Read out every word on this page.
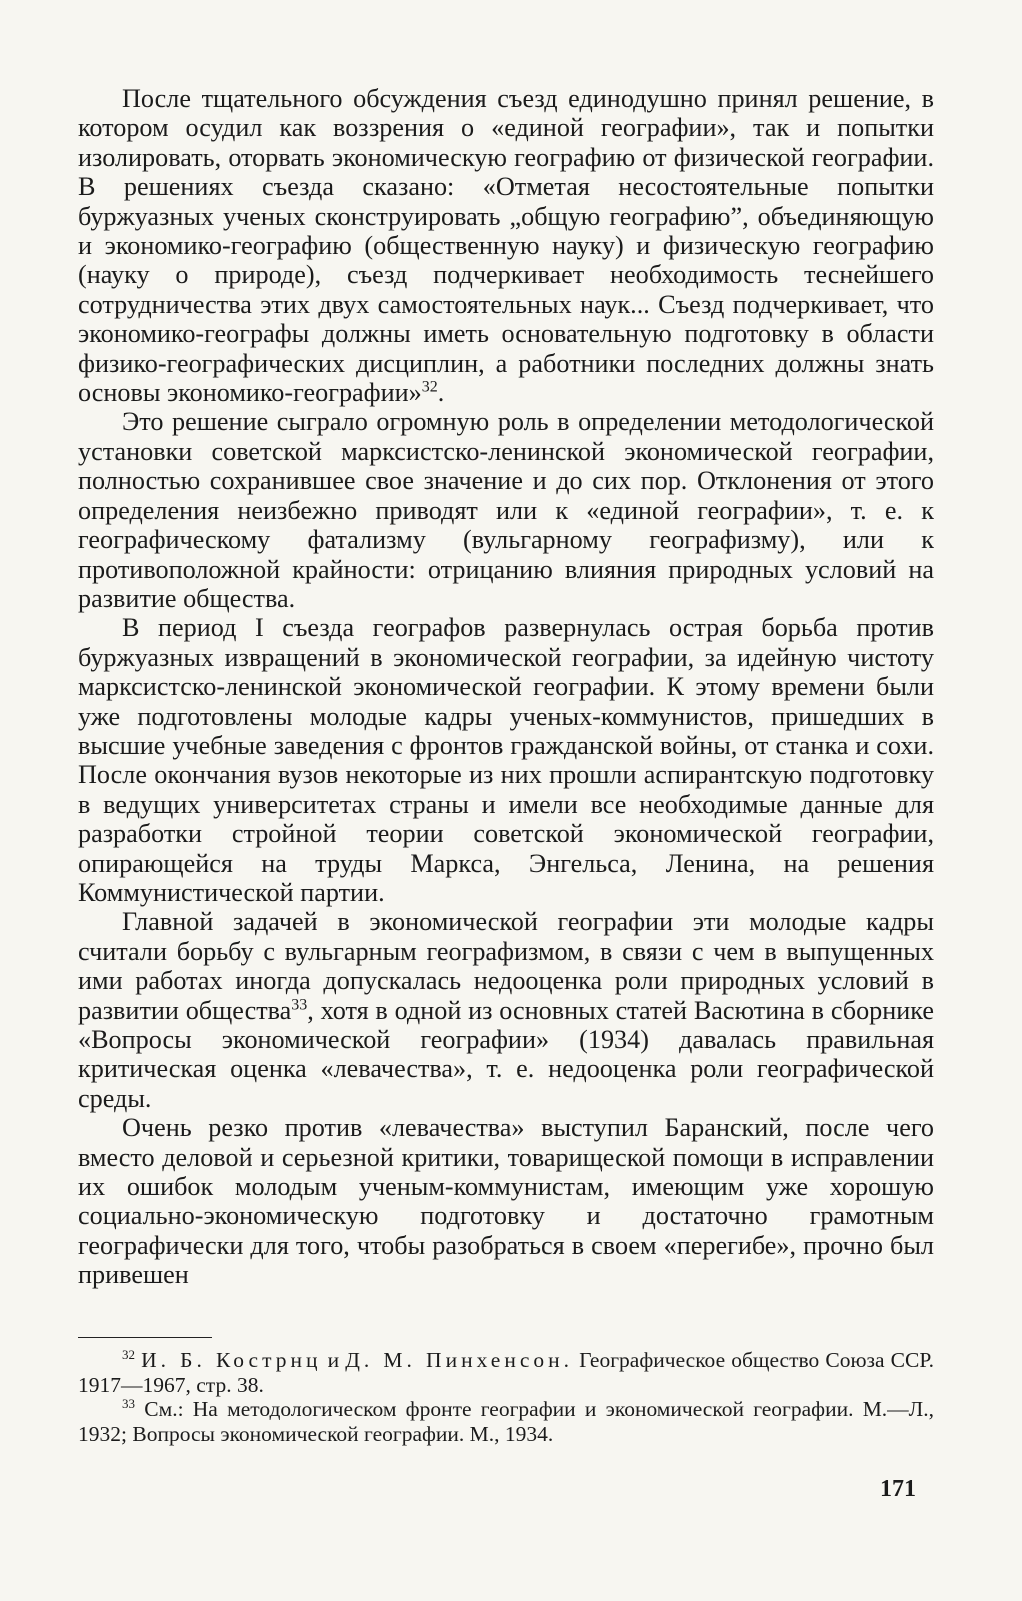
После тщательного обсуждения съезд единодушно принял решение, в котором осудил как воззрения о «единой географии», так и попытки изолировать, оторвать экономическую географию от физической географии. В решениях съезда сказано: «Отметая несостоятельные попытки буржуазных ученых сконструировать „общую географию”, объединяющую и экономико-географию (общественную науку) и физическую географию (науку о природе), съезд подчеркивает необходимость теснейшего сотрудничества этих двух самостоятельных наук... Съезд подчеркивает, что экономико-географы должны иметь основательную подготовку в области физико-географических дисциплин, а работники последних должны знать основы экономико-географии»$^{32}$.

Это решение сыграло огромную роль в определении методологической установки советской марксистско-ленинской экономической географии, полностью сохранившее свое значение и до сих пор. Отклонения от этого определения неизбежно приводят или к «единой географии», т. е. к географическому фатализму (вульгарному географизму), или к противоположной крайности: отрицанию влияния природных условий на развитие общества.

В период I съезда географов развернулась острая борьба против буржуазных извращений в экономической географии, за идейную чистоту марксистско-ленинской экономической географии. К этому времени были уже подготовлены молодые кадры ученых-коммунистов, пришедших в высшие учебные заведения с фронтов гражданской войны, от станка и сохи. После окончания вузов некоторые из них прошли аспирантскую подготовку в ведущих университетах страны и имели все необходимые данные для разработки стройной теории советской экономической географии, опирающейся на труды Маркса, Энгельса, Ленина, на решения Коммунистической партии.

Главной задачей в экономической географии эти молодые кадры считали борьбу с вульгарным географизмом, в связи с чем в выпущенных ими работах иногда допускалась недооценка роли природных условий в развитии общества$^{33}$, хотя в одной из основных статей Васютина в сборнике «Вопросы экономической географии» (1934) давалась правильная критическая оценка «левачества», т. е. недооценка роли географической среды.

Очень резко против «левачества» выступил Баранский, после чего вместо деловой и серьезной критики, товарищеской помощи в исправлении их ошибок молодым ученым-коммунистам, имеющим уже хорошую социально-экономическую подготовку и достаточно грамотным географически для того, чтобы разобраться в своем «перегибе», прочно был привешен

$^{32}$ И. Б. Кострнц и Д. М. Пинхенсон. Географическое общество Союза ССР. 1917—1967, стр. 38.

$^{33}$ См.: На методологическом фронте географии и экономической географии. М.—Л., 1932; Вопросы экономической географии. М., 1934.

171
